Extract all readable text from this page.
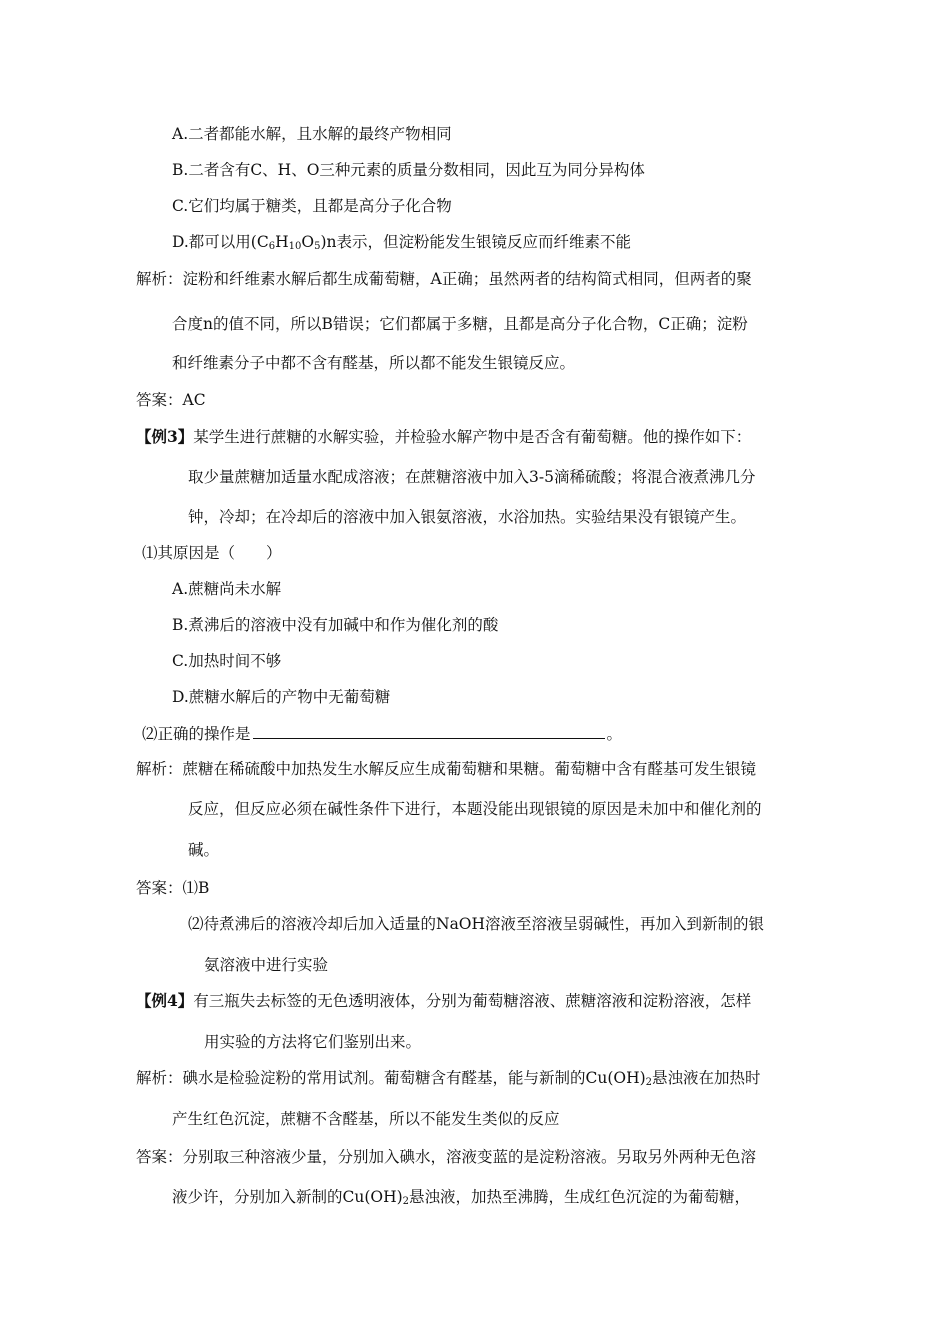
A.二者都能水解，且水解的最终产物相同
B.二者含有C、H、O三种元素的质量分数相同，因此互为同分异构体
C.它们均属于糖类，且都是高分子化合物
D.都可以用$(C_6H_{10}O_5)n$表示，但淀粉能发生银镜反应而纤维素不能
解析：淀粉和纤维素水解后都生成葡萄糖，A正确；虽然两者的结构简式相同，但两者的聚
合度n的值不同，所以B错误；它们都属于多糖，且都是高分子化合物，C正确；淀粉
和纤维素分子中都不含有醛基，所以都不能发生银镜反应。
答案：AC
【例3】某学生进行蔗糖的水解实验，并检验水解产物中是否含有葡萄糖。他的操作如下：
取少量蔗糖加适量水配成溶液；在蔗糖溶液中加入3-5滴稀硫酸；将混合液煮沸几分
钟，冷却；在冷却后的溶液中加入银氨溶液，水浴加热。实验结果没有银镜产生。
⑴其原因是（　　）
A.蔗糖尚未水解
B.煮沸后的溶液中没有加碱中和作为催化剂的酸
C.加热时间不够
D.蔗糖水解后的产物中无葡萄糖
⑵正确的操作是	。
解析：蔗糖在稀硫酸中加热发生水解反应生成葡萄糖和果糖。葡萄糖中含有醛基可发生银镜
反应，但反应必须在碱性条件下进行，本题没能出现银镜的原因是未加中和催化剂的
碱。
答案：⑴B
⑵待煮沸后的溶液冷却后加入适量的NaOH溶液至溶液呈弱碱性，再加入到新制的银
氨溶液中进行实验
【例4】有三瓶失去标签的无色透明液体，分别为葡萄糖溶液、蔗糖溶液和淀粉溶液，怎样
用实验的方法将它们鉴别出来。
解析：碘水是检验淀粉的常用试剂。葡萄糖含有醛基，能与新制的$Cu(OH)_2$悬浊液在加热时
产生红色沉淀，蔗糖不含醛基，所以不能发生类似的反应
答案：分别取三种溶液少量，分别加入碘水，溶液变蓝的是淀粉溶液。另取另外两种无色溶
液少许，分别加入新制的$Cu(OH)_2$悬浊液，加热至沸腾，生成红色沉淀的为葡萄糖，
